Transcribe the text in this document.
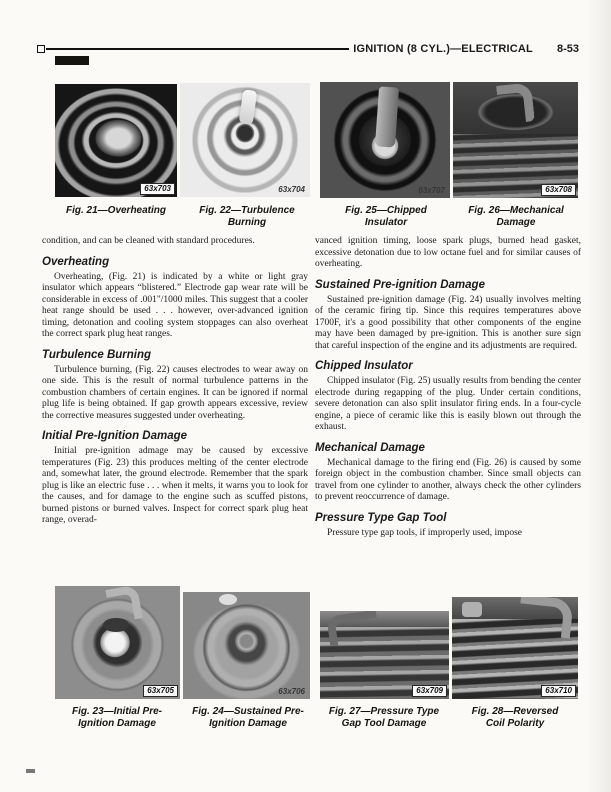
IGNITION (8 CYL.)—ELECTRICAL 8-53
63x703	63x704	63x707	63x708
Fig. 21—Overheating	Fig. 22—Turbulence
Burning
Fig. 25—Chipped
Insulator
Fig. 26—Mechanical
Damage

condition, and can be cleaned with standard procedures.

Overheating

Overheating, (Fig. 21) is indicated by a white or light gray insulator which appears “blistered.” Electrode gap wear rate will be considerable in excess of .001"/1000 miles. This suggest that a cooler heat range should be used . . . however, over-advanced ignition timing, detonation and cooling system stoppages can also overheat the correct spark plug heat ranges.

Turbulence Burning

Turbulence burning, (Fig. 22) causes electrodes to wear away on one side. This is the result of normal turbulence patterns in the combustion chambers of certain engines. It can be ignored if normal plug life is being obtained. If gap growth appears excessive, review the corrective measures suggested under overheating.

Initial Pre-Ignition Damage

Initial pre-ignition admage may be caused by excessive temperatures (Fig. 23) this produces melting of the center electrode and, somewhat later, the ground electrode. Remember that the spark plug is like an electric fuse . . . when it melts, it warns you to look for the causes, and for damage to the engine such as scuffed pistons, burned pistons or burned valves. Inspect for correct spark plug heat range, overad-

vanced ignition timing, loose spark plugs, burned head gasket, excessive detonation due to low octane fuel and for similar causes of overheating.

Sustained Pre-ignition Damage

Sustained pre-ignition damage (Fig. 24) usually involves melting of the ceramic firing tip. Since this requires temperatures above 1700F, it's a good possibility that other components of the engine may have been damaged by pre-ignition. This is another sure sign that careful inspection of the engine and its adjustments are required.

Chipped Insulator

Chipped insulator (Fig. 25) usually results from bending the center electrode during regapping of the plug. Under certain conditions, severe detonation can also split insulator firing ends. In a four-cycle engine, a piece of ceramic like this is easily blown out through the exhaust.

Mechanical Damage

Mechanical damage to the firing end (Fig. 26) is caused by some foreign object in the combustion chamber. Since small objects can travel from one cylinder to another, always check the other cylinders to prevent reoccurrence of damage.

Pressure Type Gap Tool

Pressure type gap tools, if improperly used, impose

63x705	63x706	63x709	63x710
Fig. 23—Initial Pre-
Ignition Damage
Fig. 24—Sustained Pre-
Ignition Damage
Fig. 27—Pressure Type
Gap Tool Damage
Fig. 28—Reversed
Coil Polarity
